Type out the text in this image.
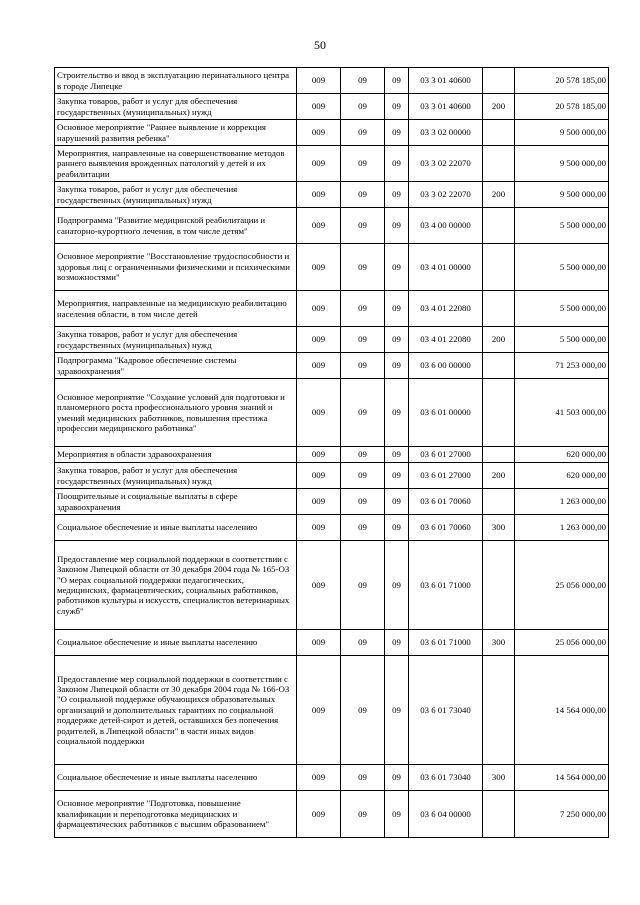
50
Строительство и ввод в эксплуатацию перинатального центра в городе Липецке	009	09	09	03 3 01 40600		20 578 185,00
Закупка товаров, работ и услуг для обеспечения государственных (муниципальных) нужд	009	09	09	03 3 01 40600	200	20 578 185,00
Основное мероприятие "Раннее выявление и коррекция нарушений развития ребенка"	009	09	09	03 3 02 00000		9 500 000,00
Мероприятия, направленные на совершенствование методов раннего выявления врожденных патологий у детей и их реабилитации	009	09	09	03 3 02 22070		9 500 000,00
Закупка товаров, работ и услуг для обеспечения государственных (муниципальных) нужд	009	09	09	03 3 02 22070	200	9 500 000,00
Подпрограмма "Развитие медицинской реабилитации и санаторно-курортного лечения, в том числе детям"	009	09	09	03 4 00 00000		5 500 000,00
Основное мероприятие "Восстановление трудоспособности и здоровья лиц с ограниченными физическими и психическими возможностями"	009	09	09	03 4 01 00000		5 500 000,00
Мероприятия, направленные на медицинскую реабилитацию населения области, в том числе детей	009	09	09	03 4 01 22080		5 500 000,00
Закупка товаров, работ и услуг для обеспечения государственных (муниципальных) нужд	009	09	09	03 4 01 22080	200	5 500 000,00
Подпрограмма "Кадровое обеспечение системы здравоохранения"	009	09	09	03 6 00 00000		71 253 000,00
Основное мероприятие "Создание условий для подготовки и планомерного роста профессионального уровня знаний и умений медицинских работников, повышения престижа профессии медицинского работника"	009	09	09	03 6 01 00000		41 503 000,00
Мероприятия в области здравоохранения	009	09	09	03 6 01 27000		620 000,00
Закупка товаров, работ и услуг для обеспечения государственных (муниципальных) нужд	009	09	09	03 6 01 27000	200	620 000,00
Поощрительные и социальные выплаты в сфере здравоохранения	009	09	09	03 6 01 70060		1 263 000,00
Социальное обеспечение и иные выплаты населению	009	09	09	03 6 01 70060	300	1 263 000,00
Предоставление мер социальной поддержки в соответствии с Законом Липецкой области от 30 декабря 2004 года № 165-ОЗ "О мерах социальной поддержки педагогических, медицинских, фармацевтических, социальных работников, работников культуры и искусств, специалистов ветеринарных служб"	009	09	09	03 6 01 71000		25 056 000,00
Социальное обеспечение и иные выплаты населению	009	09	09	03 6 01 71000	300	25 056 000,00
Предоставление мер социальной поддержки в соответствии с Законом Липецкой области от 30 декабря 2004 года № 166-ОЗ "О социальной поддержке обучающихся образовательных организаций и дополнительных гарантиях по социальной поддержке детей-сирот и детей, оставшихся без попечения родителей, в Липецкой области" в части иных видов социальной поддержки	009	09	09	03 6 01 73040		14 564 000,00
Социальное обеспечение и иные выплаты населению	009	09	09	03 6 01 73040	300	14 564 000,00
Основное мероприятие "Подготовка, повышение квалификации и переподготовка медицинских и фармацевтических работников с высшим образованием"	009	09	09	03 6 04 00000		7 250 000,00
